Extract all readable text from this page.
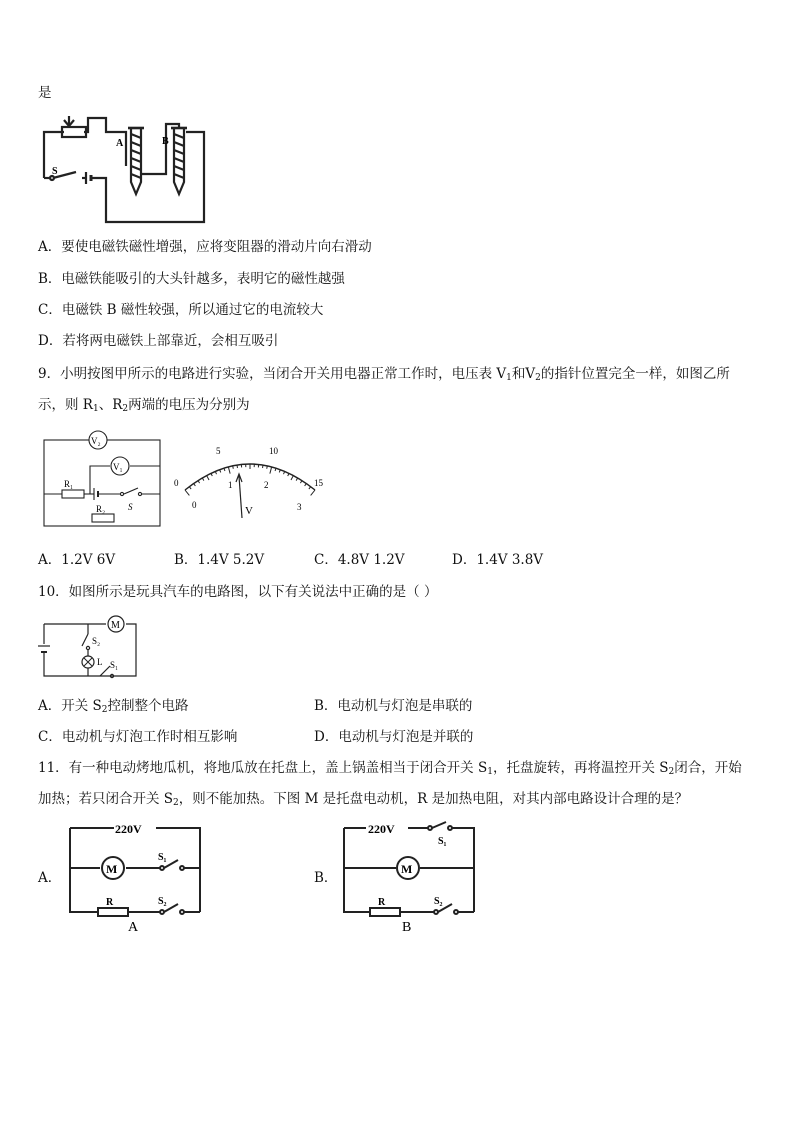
是
A	B
S
A．要使电磁铁磁性增强，应将变阻器的滑动片向右滑动
B．电磁铁能吸引的大头针越多，表明它的磁性越强
C．电磁铁 B 磁性较强，所以通过它的电流较大
D．若将两电磁铁上部靠近，会相互吸引
9．小明按图甲所示的电路进行实验，当闭合开关用电器正常工作时，电压表 $V_1$和$V_2$的指针位置完全一样，如图乙所
示，则 $R_1$、$R_2$两端的电压为分别为
V₂
V₁
R₁
R₂	S
0
5	10
15
0
1	2
3
V
A．1.2V 6V	B．1.4V 5.2V	C．4.8V 1.2V	D．1.4V 3.8V
10．如图所示是玩具汽车的电路图，以下有关说法中正确的是（ ）
M
S₂
L S₁
A．开关 $S_2$控制整个电路	B．电动机与灯泡是串联的
C．电动机与灯泡工作时相互影响	D．电动机与灯泡是并联的
11．有一种电动烤地瓜机，将地瓜放在托盘上，盖上锅盖相当于闭合开关 $S_1$，托盘旋转，再将温控开关 $S_2$闭合，开始
加热；若只闭合开关 $S_2$，则不能加热。下图 M 是托盘电动机，R 是加热电阻，对其内部电路设计合理的是？
A．
220V
M
S₁
R	S₂
A
B．
220V
S₁
M
R	S₂
B
